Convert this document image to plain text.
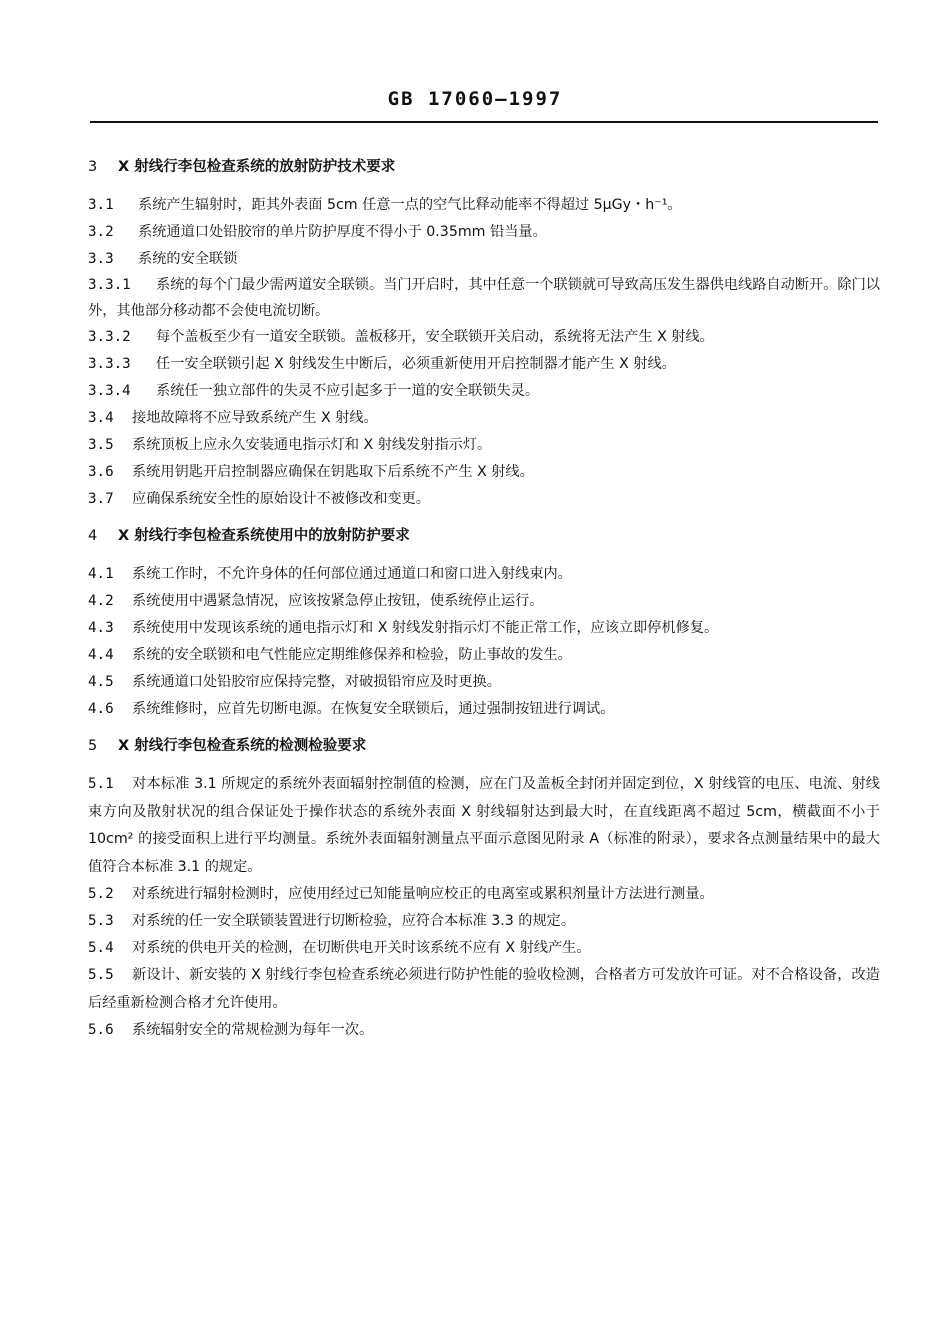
GB 17060—1997
3 X 射线行李包检查系统的放射防护技术要求

3.1 系统产生辐射时，距其外表面 5cm 任意一点的空气比释动能率不得超过 5μGy・h⁻¹。

3.2 系统通道口处铅胶帘的单片防护厚度不得小于 0.35mm 铅当量。

3.3 系统的安全联锁

3.3.1 系统的每个门最少需两道安全联锁。当门开启时，其中任意一个联锁就可导致高压发生器供电线路自动断开。除门以外，其他部分移动都不会使电流切断。

3.3.2 每个盖板至少有一道安全联锁。盖板移开，安全联锁开关启动，系统将无法产生 X 射线。

3.3.3 任一安全联锁引起 X 射线发生中断后，必须重新使用开启控制器才能产生 X 射线。

3.3.4 系统任一独立部件的失灵不应引起多于一道的安全联锁失灵。

3.4 接地故障将不应导致系统产生 X 射线。

3.5 系统顶板上应永久安装通电指示灯和 X 射线发射指示灯。

3.6 系统用钥匙开启控制器应确保在钥匙取下后系统不产生 X 射线。

3.7 应确保系统安全性的原始设计不被修改和变更。

4 X 射线行李包检查系统使用中的放射防护要求

4.1 系统工作时，不允许身体的任何部位通过通道口和窗口进入射线束内。

4.2 系统使用中遇紧急情况，应该按紧急停止按钮，使系统停止运行。

4.3 系统使用中发现该系统的通电指示灯和 X 射线发射指示灯不能正常工作，应该立即停机修复。

4.4 系统的安全联锁和电气性能应定期维修保养和检验，防止事故的发生。

4.5 系统通道口处铅胶帘应保持完整，对破损铅帘应及时更换。

4.6 系统维修时，应首先切断电源。在恢复安全联锁后，通过强制按钮进行调试。

5 X 射线行李包检查系统的检测检验要求

5.1 对本标准 3.1 所规定的系统外表面辐射控制值的检测，应在门及盖板全封闭并固定到位，X 射线管的电压、电流、射线束方向及散射状况的组合保证处于操作状态的系统外表面 X 射线辐射达到最大时，在直线距离不超过 5cm，横截面不小于 10cm² 的接受面积上进行平均测量。系统外表面辐射测量点平面示意图见附录 A（标准的附录），要求各点测量结果中的最大值符合本标准 3.1 的规定。

5.2 对系统进行辐射检测时，应使用经过已知能量响应校正的电离室或累积剂量计方法进行测量。

5.3 对系统的任一安全联锁装置进行切断检验，应符合本标准 3.3 的规定。

5.4 对系统的供电开关的检测，在切断供电开关时该系统不应有 X 射线产生。

5.5 新设计、新安装的 X 射线行李包检查系统必须进行防护性能的验收检测，合格者方可发放许可证。对不合格设备，改造后经重新检测合格才允许使用。

5.6 系统辐射安全的常规检测为每年一次。
